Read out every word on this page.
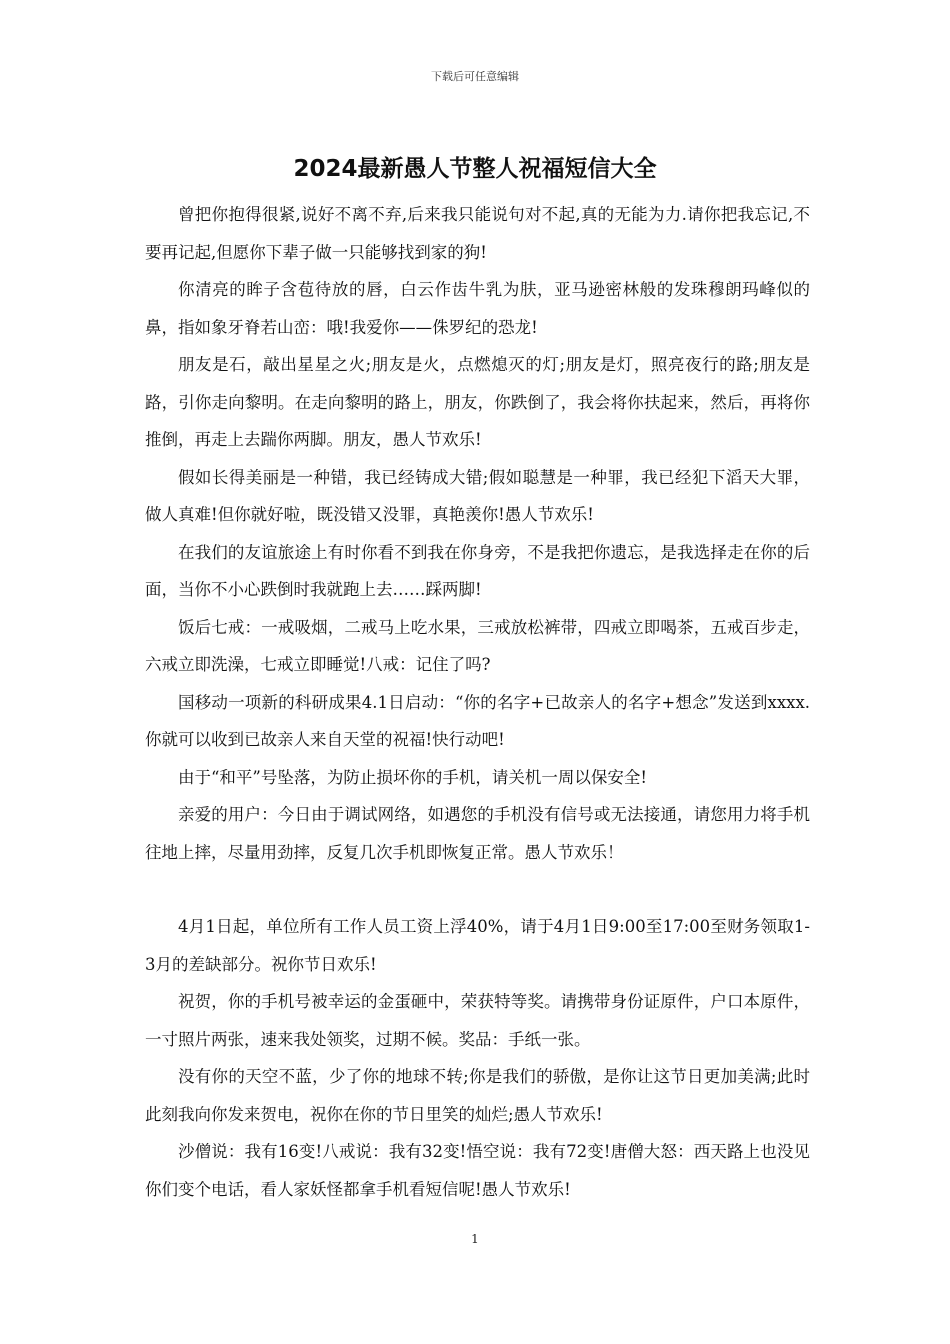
下载后可任意编辑
2024最新愚人节整人祝福短信大全

曾把你抱得很紧,说好不离不弃,后来我只能说句对不起,真的无能为力.请你把我忘记,不要再记起,但愿你下辈子做一只能够找到家的狗!

你清亮的眸子含苞待放的唇，白云作齿牛乳为肤，亚马逊密林般的发珠穆朗玛峰似的鼻，指如象牙脊若山峦：哦!我爱你——侏罗纪的恐龙!

朋友是石，敲出星星之火;朋友是火，点燃熄灭的灯;朋友是灯，照亮夜行的路;朋友是路，引你走向黎明。在走向黎明的路上，朋友，你跌倒了，我会将你扶起来，然后，再将你推倒，再走上去踹你两脚。朋友，愚人节欢乐!

假如长得美丽是一种错，我已经铸成大错;假如聪慧是一种罪，我已经犯下滔天大罪，做人真难!但你就好啦，既没错又没罪，真艳羡你!愚人节欢乐!

在我们的友谊旅途上有时你看不到我在你身旁，不是我把你遗忘，是我选择走在你的后面，当你不小心跌倒时我就跑上去……踩两脚!

饭后七戒：一戒吸烟，二戒马上吃水果，三戒放松裤带，四戒立即喝茶，五戒百步走，六戒立即洗澡，七戒立即睡觉!八戒：记住了吗?

国移动一项新的科研成果4.1日启动：“你的名字+已故亲人的名字+想念”发送到xxxx.你就可以收到已故亲人来自天堂的祝福!快行动吧!

由于“和平”号坠落，为防止损坏你的手机，请关机一周以保安全!

亲爱的用户：今日由于调试网络，如遇您的手机没有信号或无法接通，请您用力将手机往地上摔，尽量用劲摔，反复几次手机即恢复正常。愚人节欢乐！

4月1日起，单位所有工作人员工资上浮40%，请于4月1日9:00至17:00至财务领取1-3月的差缺部分。祝你节日欢乐!

祝贺，你的手机号被幸运的金蛋砸中，荣获特等奖。请携带身份证原件，户口本原件，一寸照片两张，速来我处领奖，过期不候。奖品：手纸一张。

没有你的天空不蓝，少了你的地球不转;你是我们的骄傲，是你让这节日更加美满;此时此刻我向你发来贺电，祝你在你的节日里笑的灿烂;愚人节欢乐!

沙僧说：我有16变!八戒说：我有32变!悟空说：我有72变!唐僧大怒：西天路上也没见你们变个电话，看人家妖怪都拿手机看短信呢!愚人节欢乐!

1
